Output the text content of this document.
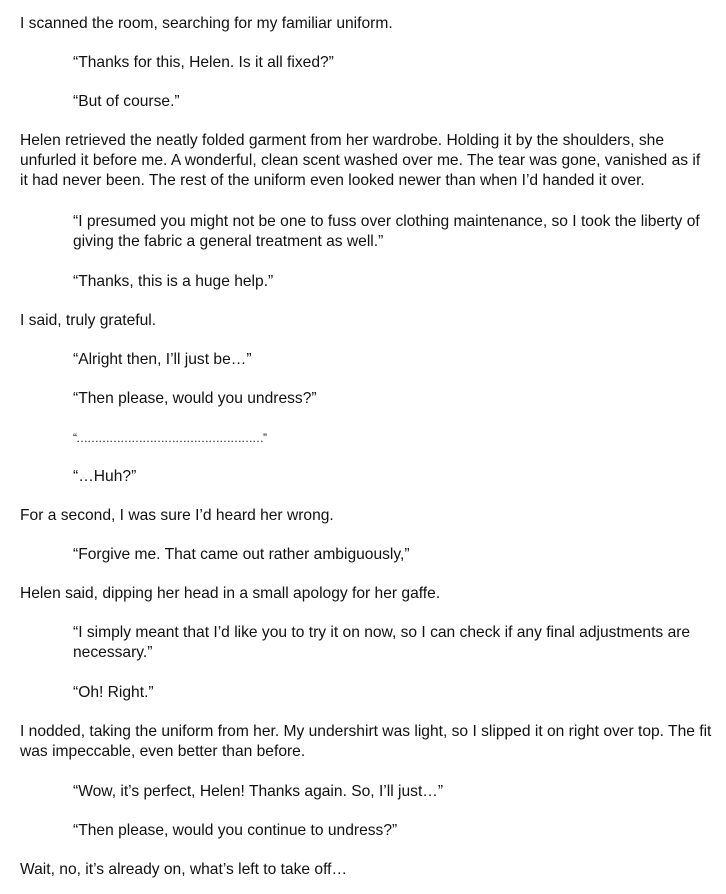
I scanned the room, searching for my familiar uniform.

“Thanks for this, Helen. Is it all fixed?”

“But of course.”

Helen retrieved the neatly folded garment from her wardrobe. Holding it by the shoulders, she unfurled it before me. A wonderful, clean scent washed over me. The tear was gone, vanished as if it had never been. The rest of the uniform even looked newer than when I’d handed it over.

“I presumed you might not be one to fuss over clothing maintenance, so I took the liberty of giving the fabric a general treatment as well.”

“Thanks, this is a huge help.”

I said, truly grateful.

“Alright then, I’ll just be…”

“Then please, would you undress?”

“……………………………………………”

“…Huh?”

For a second, I was sure I’d heard her wrong.

“Forgive me. That came out rather ambiguously,”

Helen said, dipping her head in a small apology for her gaffe.

“I simply meant that I’d like you to try it on now, so I can check if any final adjustments are necessary.”

“Oh! Right.”

I nodded, taking the uniform from her. My undershirt was light, so I slipped it on right over top. The fit was impeccable, even better than before.

“Wow, it’s perfect, Helen! Thanks again. So, I’ll just…”

“Then please, would you continue to undress?”

Wait, no, it’s already on, what’s left to take off…
